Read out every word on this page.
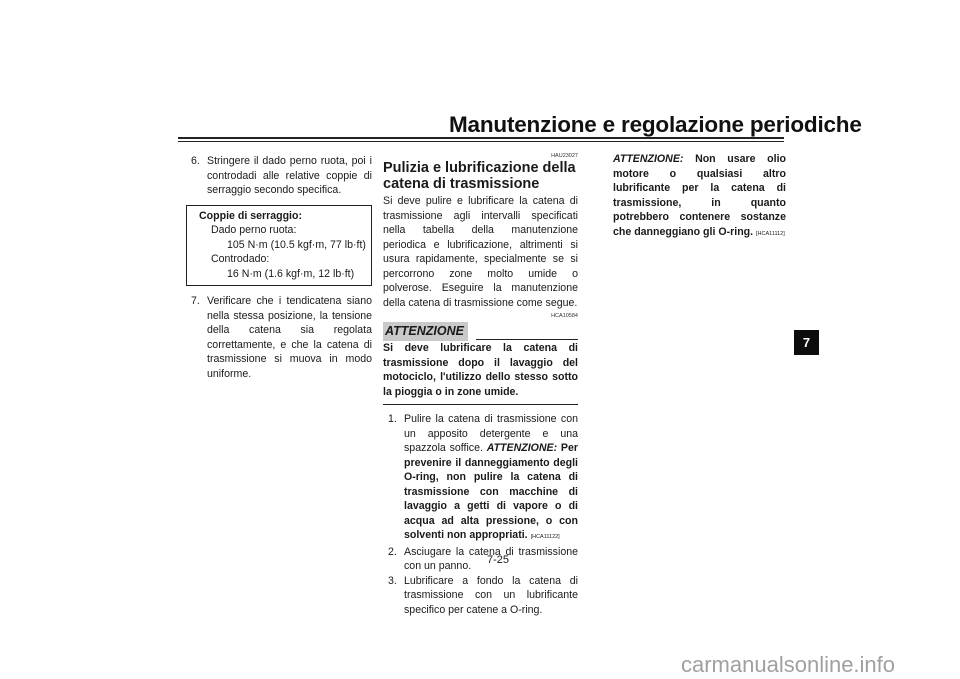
Manutenzione e regolazione periodiche

6. Stringere il dado perno ruota, poi i controdadi alle relative coppie di serraggio secondo specifica.

Coppie di serraggio:
Dado perno ruota:
105 N·m (10.5 kgf·m, 77 lb·ft)
Controdado:
16 N·m (1.6 kgf·m, 12 lb·ft)

7. Verificare che i tendicatena siano nella stessa posizione, la tensione della catena sia regolata correttamente, e che la catena di trasmissione si muova in modo uniforme.

HAU23027
Pulizia e lubrificazione della catena di trasmissione

Si deve pulire e lubrificare la catena di trasmissione agli intervalli specificati nella tabella della manutenzione periodica e lubrificazione, altrimenti si usura rapidamente, specialmente se si percorrono zone molto umide o polverose. Eseguire la manutenzione della catena di trasmissione come segue.

HCA10584
ATTENZIONE

Si deve lubrificare la catena di trasmissione dopo il lavaggio del motociclo, l'utilizzo dello stesso sotto la pioggia o in zone umide.

1. Pulire la catena di trasmissione con un apposito detergente e una spazzola soffice. ATTENZIONE: Per prevenire il danneggiamento degli O-ring, non pulire la catena di trasmissione con macchine di lavaggio a getti di vapore o di acqua ad alta pressione, o con solventi non appropriati. [HCA11122]

2. Asciugare la catena di trasmissione con un panno.

3. Lubrificare a fondo la catena di trasmissione con un lubrificante specifico per catene a O-ring.

ATTENZIONE: Non usare olio motore o qualsiasi altro lubrificante per la catena di trasmissione, in quanto potrebbero contenere sostanze che danneggiano gli O-ring. [HCA11112]

7
7-25
carmanualsonline.info
